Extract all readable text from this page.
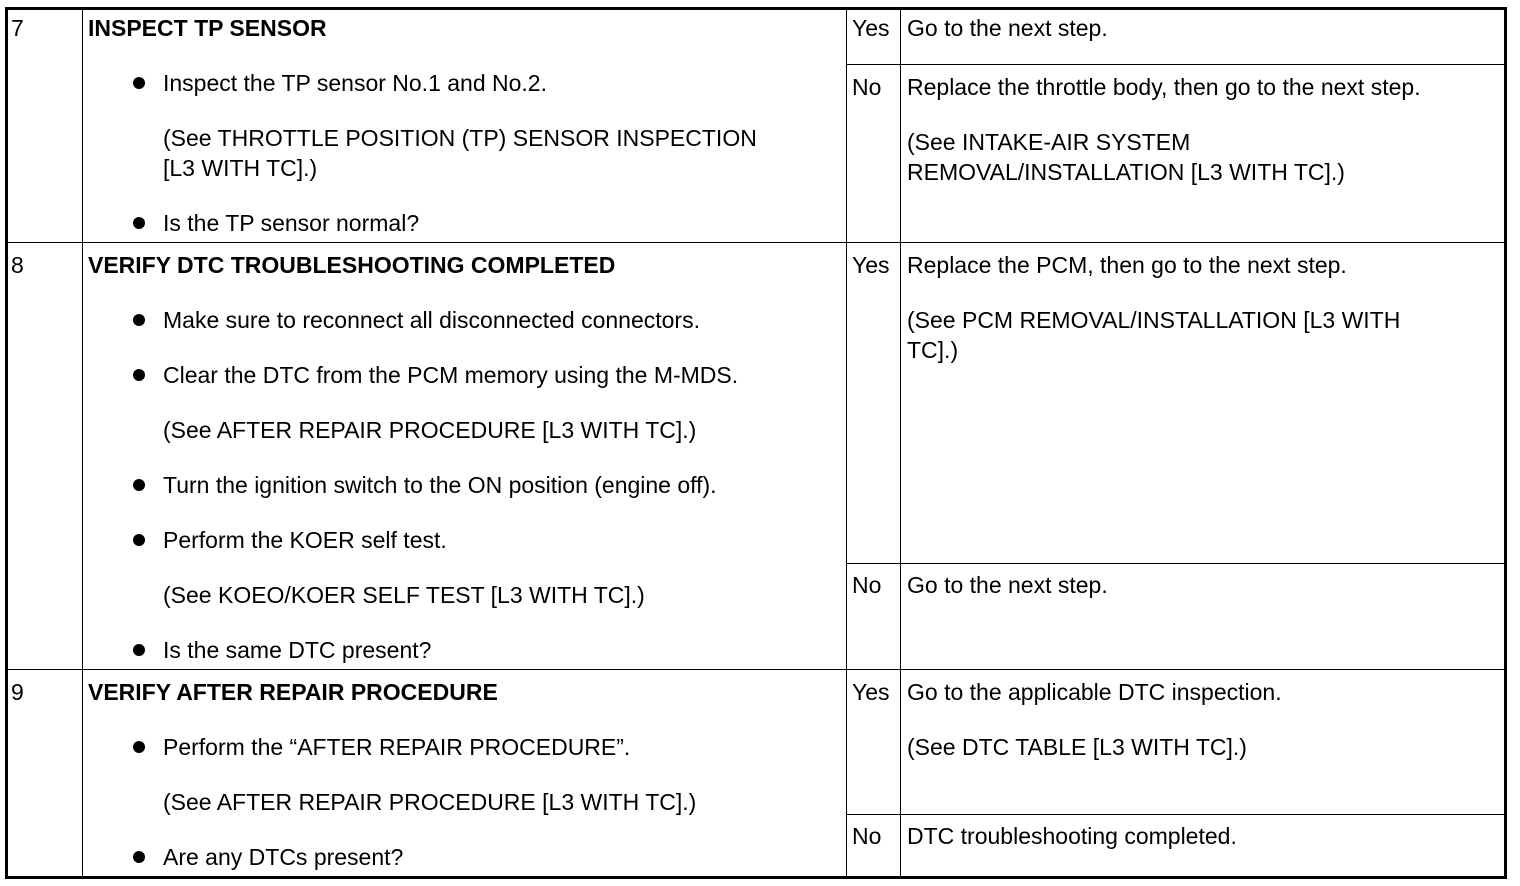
7	INSPECT TP SENSOR
Inspect the TP sensor No.1 and No.2.
(See THROTTLE POSITION (TP) SENSOR INSPECTION
[L3 WITH TC].)
Is the TP sensor normal?
Yes Go to the next step.
No Replace the throttle body, then go to the next step.
(See INTAKE-AIR SYSTEM
REMOVAL/INSTALLATION [L3 WITH TC].)
8	VERIFY DTC TROUBLESHOOTING COMPLETED
Make sure to reconnect all disconnected connectors.
Clear the DTC from the PCM memory using the M-MDS.
(See AFTER REPAIR PROCEDURE [L3 WITH TC].)
Turn the ignition switch to the ON position (engine off).
Perform the KOER self test.
(See KOEO/KOER SELF TEST [L3 WITH TC].)
Is the same DTC present?
Yes Replace the PCM, then go to the next step.
(See PCM REMOVAL/INSTALLATION [L3 WITH
TC].)
No Go to the next step.
9	VERIFY AFTER REPAIR PROCEDURE
Perform the “AFTER REPAIR PROCEDURE”.
(See AFTER REPAIR PROCEDURE [L3 WITH TC].)
Are any DTCs present?
Yes Go to the applicable DTC inspection.
(See DTC TABLE [L3 WITH TC].)
No DTC troubleshooting completed.
